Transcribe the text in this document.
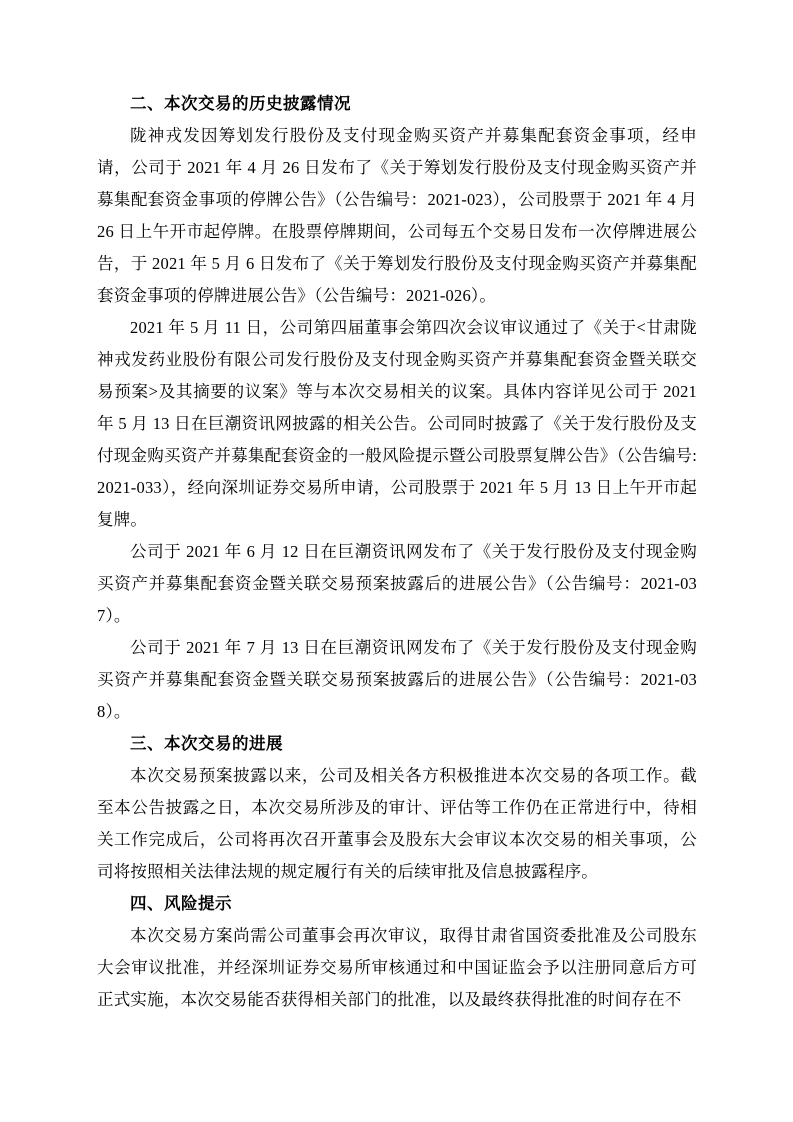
二、本次交易的历史披露情况

陇神戎发因筹划发行股份及支付现金购买资产并募集配套资金事项，经申请，公司于 2021 年 4 月 26 日发布了《关于筹划发行股份及支付现金购买资产并募集配套资金事项的停牌公告》（公告编号：2021-023），公司股票于 2021 年 4 月 26 日上午开市起停牌。在股票停牌期间，公司每五个交易日发布一次停牌进展公告，于 2021 年 5 月 6 日发布了《关于筹划发行股份及支付现金购买资产并募集配套资金事项的停牌进展公告》（公告编号：2021-026）。

2021 年 5 月 11 日，公司第四届董事会第四次会议审议通过了《关于<甘肃陇神戎发药业股份有限公司发行股份及支付现金购买资产并募集配套资金暨关联交易预案>及其摘要的议案》等与本次交易相关的议案。具体内容详见公司于 2021 年 5 月 13 日在巨潮资讯网披露的相关公告。公司同时披露了《关于发行股份及支付现金购买资产并募集配套资金的一般风险提示暨公司股票复牌公告》（公告编号:2021-033），经向深圳证券交易所申请，公司股票于 2021 年 5 月 13 日上午开市起复牌。

公司于 2021 年 6 月 12 日在巨潮资讯网发布了《关于发行股份及支付现金购买资产并募集配套资金暨关联交易预案披露后的进展公告》（公告编号：2021-037）。

公司于 2021 年 7 月 13 日在巨潮资讯网发布了《关于发行股份及支付现金购买资产并募集配套资金暨关联交易预案披露后的进展公告》（公告编号：2021-038）。

三、本次交易的进展

本次交易预案披露以来，公司及相关各方积极推进本次交易的各项工作。截至本公告披露之日，本次交易所涉及的审计、评估等工作仍在正常进行中，待相关工作完成后，公司将再次召开董事会及股东大会审议本次交易的相关事项，公司将按照相关法律法规的规定履行有关的后续审批及信息披露程序。

四、风险提示

本次交易方案尚需公司董事会再次审议，取得甘肃省国资委批准及公司股东大会审议批准，并经深圳证券交易所审核通过和中国证监会予以注册同意后方可正式实施，本次交易能否获得相关部门的批准，以及最终获得批准的时间存在不
